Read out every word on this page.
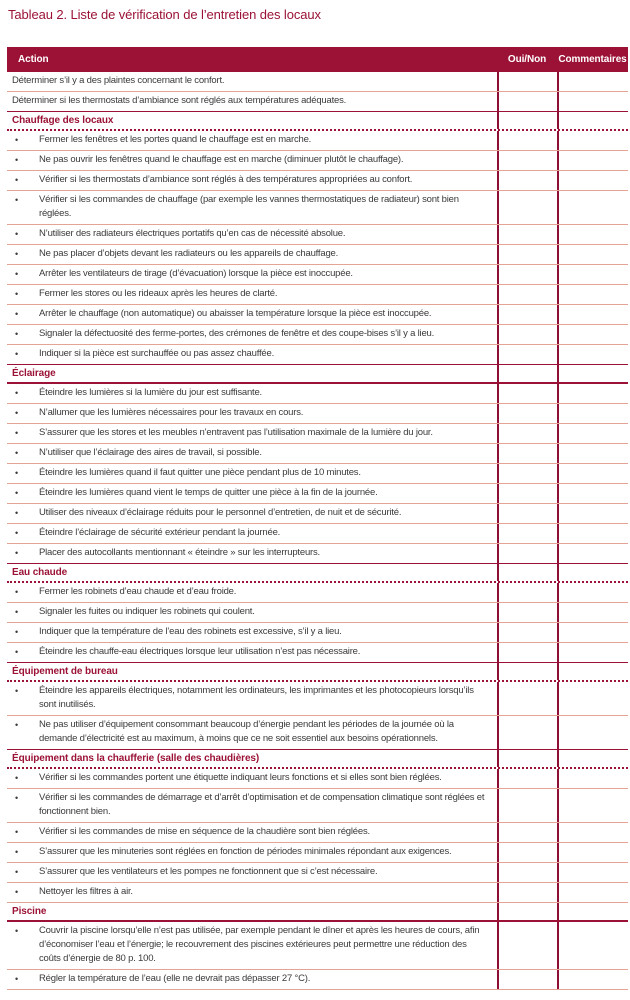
Tableau 2. Liste de vérification de l’entretien des locaux
Action	Oui/Non	Commentaires
Déterminer s’il y a des plaintes concernant le confort.
Déterminer si les thermostats d’ambiance sont réglés aux températures adéquates.
Chauffage des locaux
• Fermer les fenêtres et les portes quand le chauffage est en marche.
• Ne pas ouvrir les fenêtres quand le chauffage est en marche (diminuer plutôt le chauffage).
• Vérifier si les thermostats d’ambiance sont réglés à des températures appropriées au confort.
• Vérifier si les commandes de chauffage (par exemple les vannes thermostatiques de radiateur) sont bien réglées.
• N’utiliser des radiateurs électriques portatifs qu’en cas de nécessité absolue.
• Ne pas placer d’objets devant les radiateurs ou les appareils de chauffage.
• Arrêter les ventilateurs de tirage (d’évacuation) lorsque la pièce est inoccupée.
• Fermer les stores ou les rideaux après les heures de clarté.
• Arrêter le chauffage (non automatique) ou abaisser la température lorsque la pièce est inoccupée.
• Signaler la défectuosité des ferme-portes, des crémones de fenêtre et des coupe-bises s’il y a lieu.
• Indiquer si la pièce est surchauffée ou pas assez chauffée.
Éclairage
• Éteindre les lumières si la lumière du jour est suffisante.
• N’allumer que les lumières nécessaires pour les travaux en cours.
• S’assurer que les stores et les meubles n’entravent pas l’utilisation maximale de la lumière du jour.
• N’utiliser que l’éclairage des aires de travail, si possible.
• Éteindre les lumières quand il faut quitter une pièce pendant plus de 10 minutes.
• Éteindre les lumières quand vient le temps de quitter une pièce à la fin de la journée.
• Utiliser des niveaux d’éclairage réduits pour le personnel d’entretien, de nuit et de sécurité.
• Éteindre l’éclairage de sécurité extérieur pendant la journée.
• Placer des autocollants mentionnant « éteindre » sur les interrupteurs.
Eau chaude
• Fermer les robinets d’eau chaude et d’eau froide.
• Signaler les fuites ou indiquer les robinets qui coulent.
• Indiquer que la température de l’eau des robinets est excessive, s’il y a lieu.
• Éteindre les chauffe-eau électriques lorsque leur utilisation n’est pas nécessaire.
Équipement de bureau
• Éteindre les appareils électriques, notamment les ordinateurs, les imprimantes et les photocopieurs lorsqu’ils sont inutilisés.
• Ne pas utiliser d’équipement consommant beaucoup d’énergie pendant les périodes de la journée où la demande d’électricité est au maximum, à moins que ce ne soit essentiel aux besoins opérationnels.
Équipement dans la chaufferie (salle des chaudières)
• Vérifier si les commandes portent une étiquette indiquant leurs fonctions et si elles sont bien réglées.
• Vérifier si les commandes de démarrage et d’arrêt d’optimisation et de compensation climatique sont réglées et fonctionnent bien.
• Vérifier si les commandes de mise en séquence de la chaudière sont bien réglées.
• S’assurer que les minuteries sont réglées en fonction de périodes minimales répondant aux exigences.
• S’assurer que les ventilateurs et les pompes ne fonctionnent que si c’est nécessaire.
• Nettoyer les filtres à air.
Piscine
• Couvrir la piscine lorsqu’elle n’est pas utilisée, par exemple pendant le dîner et après les heures de cours, afin d’économiser l’eau et l’énergie; le recouvrement des piscines extérieures peut permettre une réduction des coûts d’énergie de 80 p. 100.
• Régler la température de l’eau (elle ne devrait pas dépasser 27 °C).
